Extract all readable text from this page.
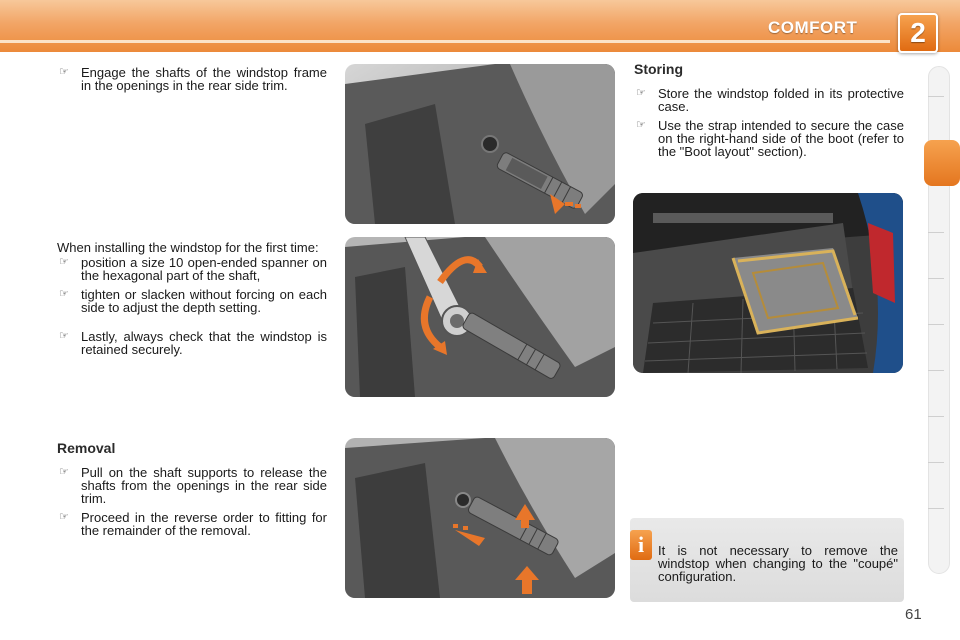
COMFORT	2
☞ Engage the shafts of the windstop frame in the openings in the rear side trim.
When installing the windstop for the first time:
☞ position a size 10 open-ended spanner on the hexagonal part of the shaft,
☞ tighten or slacken without forcing on each side to adjust the depth setting.
☞ Lastly, always check that the windstop is retained securely.
Removal
☞ Pull on the shaft supports to release the shafts from the openings in the rear side trim.
☞ Proceed in the reverse order to fitting for the remainder of the removal.
Storing
☞ Store the windstop folded in its protective case.
☞ Use the strap intended to secure the case on the right-hand side of the boot (refer to the "Boot layout" section).
i	It is not necessary to remove the windstop when changing to the "coupé" configuration.
61
